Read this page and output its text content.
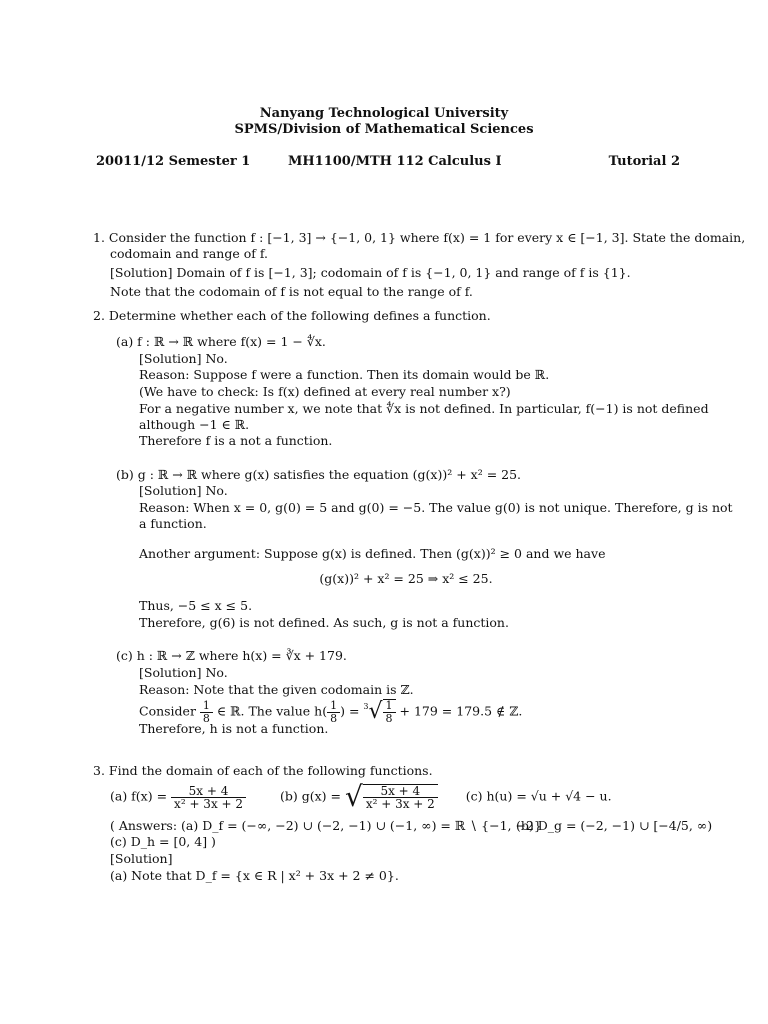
Nanyang Technological University
SPMS/Division of Mathematical Sciences
20011/12 Semester 1	MH1100/MTH 112 Calculus I	Tutorial 2
1. Consider the function f : [−1, 3] → {−1, 0, 1} where f(x) = 1 for every x ∈ [−1, 3]. State the domain,
codomain and range of f.
[Solution] Domain of f is [−1, 3]; codomain of f is {−1, 0, 1} and range of f is {1}.
Note that the codomain of f is not equal to the range of f.
2. Determine whether each of the following defines a function.
(a) f : ℝ → ℝ where f(x) = 1 − ∜x.
[Solution] No.
Reason: Suppose f were a function. Then its domain would be ℝ.
(We have to check: Is f(x) defined at every real number x?)
For a negative number x, we note that ∜x is not defined. In particular, f(−1) is not defined
although −1 ∈ ℝ.
Therefore f is a not a function.
(b) g : ℝ → ℝ where g(x) satisfies the equation (g(x))² + x² = 25.
[Solution] No.
Reason: When x = 0, g(0) = 5 and g(0) = −5. The value g(0) is not unique. Therefore, g is not
a function.
Another argument: Suppose g(x) is defined. Then (g(x))² ≥ 0 and we have
(g(x))² + x² = 25 ⇒ x² ≤ 25.
Thus, −5 ≤ x ≤ 5.
Therefore, g(6) is not defined. As such, g is not a function.
(c) h : ℝ → ℤ where h(x) = ∛x + 179.
[Solution] No.
Reason: Note that the given codomain is ℤ.
Consider $\frac{1}{8}$ ∈ ℝ. The value $h( \frac{1}{8}$ ) = $^3√ \frac{1}{8} + 179 = 179.5$ ∉ ℤ.
Therefore, h is not a function.
3. Find the domain of each of the following functions.
(a) $f(x) = \frac{5x + 4}{\text{x² + 3x + 2}}$	(b) g(x) = √ $\frac{5x + 4}{\text{x² + 3x + 2}} (c) h(u) = √u + √4 - u$.
( Answers: (a) D_f = (−∞, −2) ∪ (−2, −1) ∪ (−1, ∞) = ℝ ∖ {−1, −2}
(b) D_g = (−2, −1) ∪ [−4/5, ∞)
(c) D_h = [0, 4] )
[Solution]
(a) Note that D_f = {x ∈ R | x² + 3x + 2 ≠ 0}.
